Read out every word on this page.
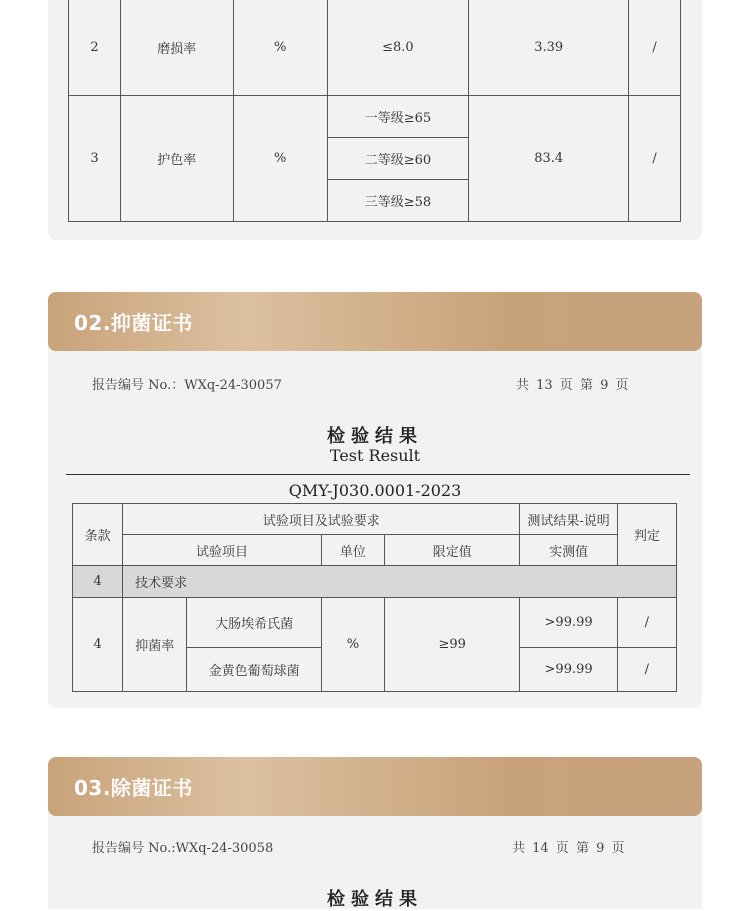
2	磨损率	%	≤8.0	3.39	/
3	护色率	%	一等级≥65	83.4	/
			二等级≥60		
			三等级≥58		
02.抑菌证书
报告编号 No.：WXq-24-30057	共 13 页 第 9 页
检验结果
Test Result
QMY-J030.0001-2023
条款	试验项目及试验要求				测试结果-说明	判定
	试验项目		单位	限定值	实测值	
4	技术要求					
4	抑菌率	大肠埃希氏菌	%	≥99	>99.99	/
		金黄色葡萄球菌			>99.99	/
03.除菌证书
报告编号 No.:WXq-24-30058	共 14 页 第 9 页
检验结果
